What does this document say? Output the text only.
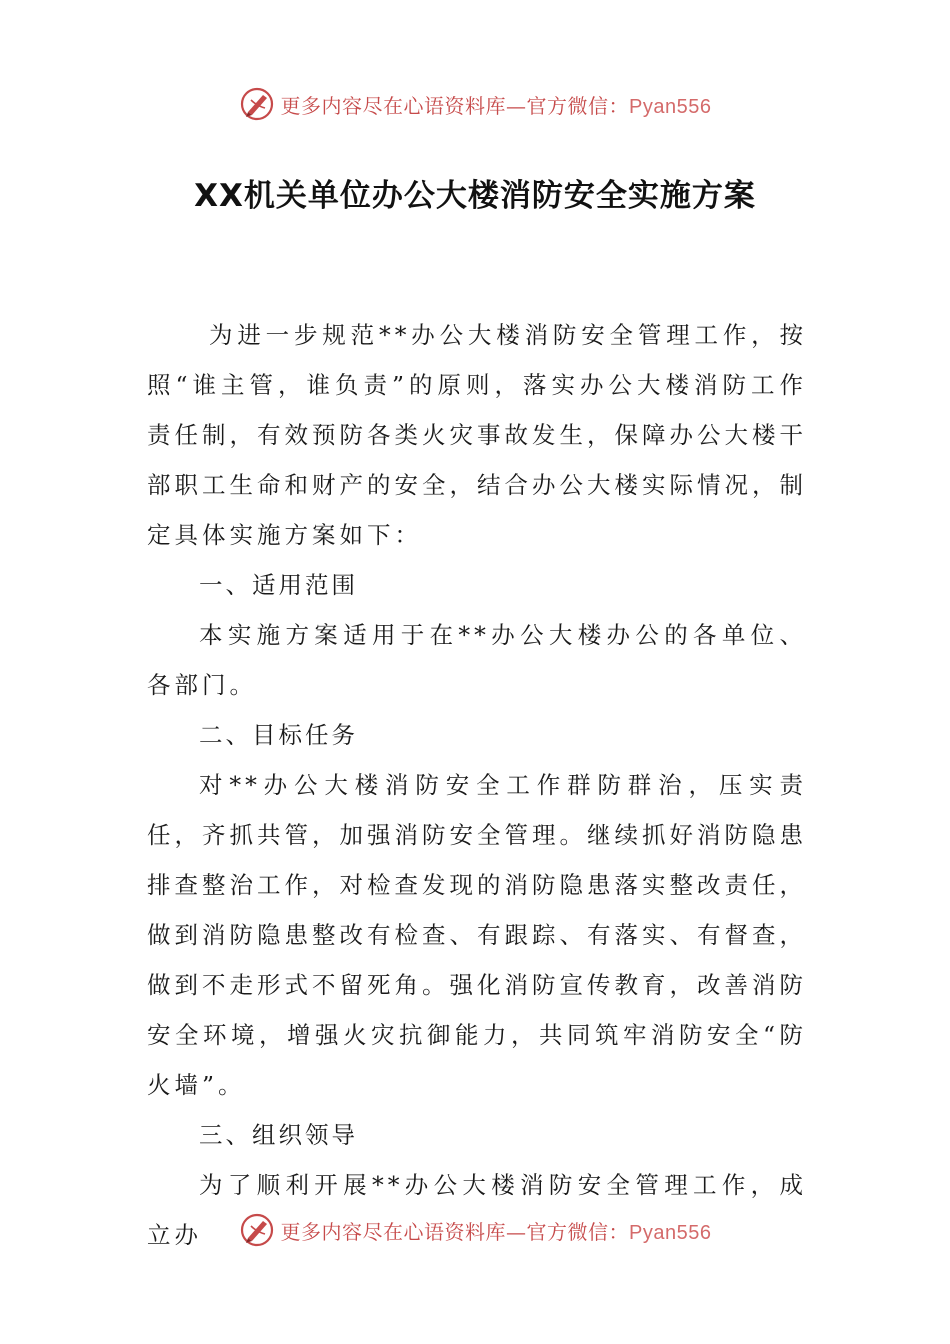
更多内容尽在心语资料库—官方微信：Pyan556
XX机关单位办公大楼消防安全实施方案

为进一步规范**办公大楼消防安全管理工作，按照“谁主管，谁负责”的原则，落实办公大楼消防工作责任制，有效预防各类火灾事故发生，保障办公大楼干部职工生命和财产的安全，结合办公大楼实际情况，制定具体实施方案如下：

一、适用范围

本实施方案适用于在**办公大楼办公的各单位、各部门。

二、目标任务

对**办公大楼消防安全工作群防群治，压实责任，齐抓共管，加强消防安全管理。继续抓好消防隐患排查整治工作，对检查发现的消防隐患落实整改责任，做到消防隐患整改有检查、有跟踪、有落实、有督查，做到不走形式不留死角。强化消防宣传教育，改善消防安全环境，增强火灾抗御能力，共同筑牢消防安全“防火墙”。

三、组织领导

为了顺利开展**办公大楼消防安全管理工作，成立办	更多内容尽在心语资料库—官方微信：Pyan556
